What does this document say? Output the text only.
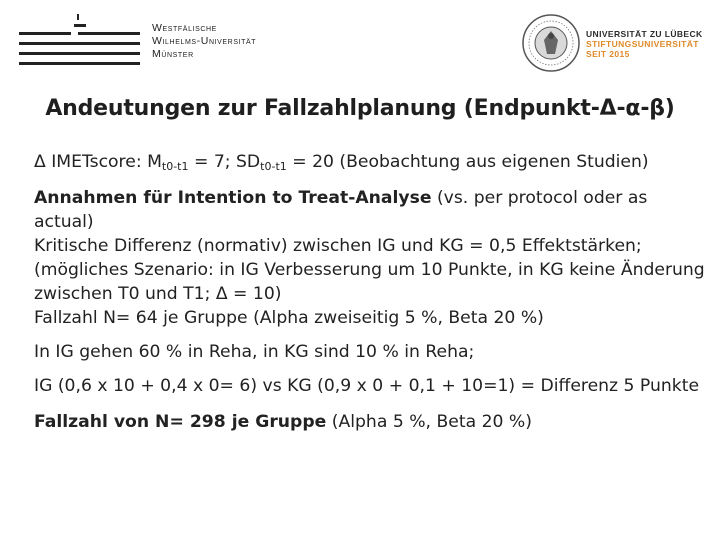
Westfälische
Wilhelms-Universität
Münster
UNIVERSITÄT ZU LÜBECK
STIFTUNGSUNIVERSITÄT
SEIT 2015
Andeutungen zur Fallzahlplanung (Endpunkt-Δ-α-β)

Δ IMETscore: $M_{t0-t1} = 7$; $SD_{t0-t1} = 20$ (Beobachtung aus eigenen Studien)

Annahmen für Intention to Treat-Analyse (vs. per protocol oder as actual)

Kritische Differenz (normativ) zwischen IG und KG = 0,5 Effektstärken; (mögliches Szenario: in IG Verbesserung um 10 Punkte, in KG keine Änderung zwischen T0 und T1; Δ = 10)

Fallzahl N= 64 je Gruppe (Alpha zweiseitig 5 %, Beta 20 %)

In IG gehen 60 % in Reha, in KG sind 10 % in Reha;

IG (0,6 x 10 + 0,4 x 0= 6) vs KG (0,9 x 0 + 0,1 + 10=1) = Differenz 5 Punkte

Fallzahl von N= 298 je Gruppe (Alpha 5 %, Beta 20 %)
